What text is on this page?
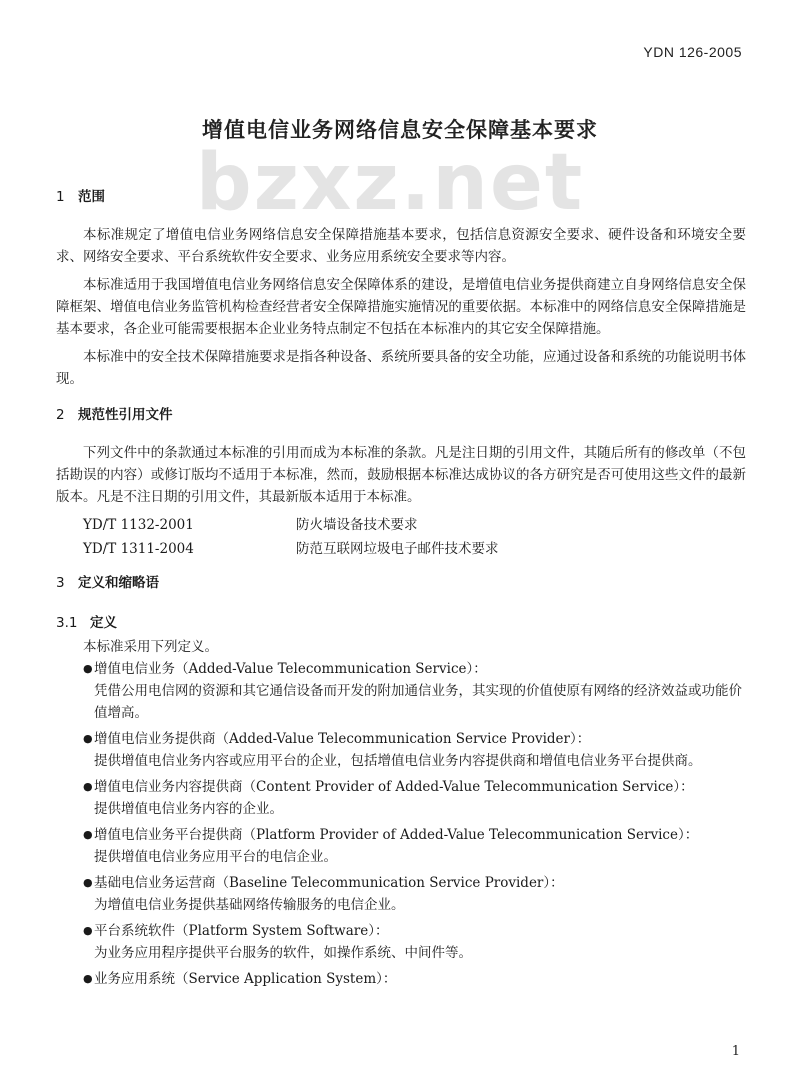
YDN 126-2005
增值电信业务网络信息安全保障基本要求
bzxz.net
1 范围

本标准规定了增值电信业务网络信息安全保障措施基本要求，包括信息资源安全要求、硬件设备和环境安全要求、网络安全要求、平台系统软件安全要求、业务应用系统安全要求等内容。

本标准适用于我国增值电信业务网络信息安全保障体系的建设，是增值电信业务提供商建立自身网络信息安全保障框架、增值电信业务监管机构检查经营者安全保障措施实施情况的重要依据。本标准中的网络信息安全保障措施是基本要求，各企业可能需要根据本企业业务特点制定不包括在本标准内的其它安全保障措施。

本标准中的安全技术保障措施要求是指各种设备、系统所要具备的安全功能，应通过设备和系统的功能说明书体现。

2 规范性引用文件

下列文件中的条款通过本标准的引用而成为本标准的条款。凡是注日期的引用文件，其随后所有的修改单（不包括勘误的内容）或修订版均不适用于本标准，然而，鼓励根据本标准达成协议的各方研究是否可使用这些文件的最新版本。凡是不注日期的引用文件，其最新版本适用于本标准。

YD/T 1132-2001	防火墙设备技术要求
YD/T 1311-2004	防范互联网垃圾电子邮件技术要求
3 定义和缩略语
3.1 定义

本标准采用下列定义。

● 增值电信业务（Added-Value Telecommunication Service）：
凭借公用电信网的资源和其它通信设备而开发的附加通信业务，其实现的价值使原有网络的经济效益或功能价值增高。
● 增值电信业务提供商（Added-Value Telecommunication Service Provider）：
提供增值电信业务内容或应用平台的企业，包括增值电信业务内容提供商和增值电信业务平台提供商。
● 增值电信业务内容提供商（Content Provider of Added-Value Telecommunication Service）：
提供增值电信业务内容的企业。
● 增值电信业务平台提供商（Platform Provider of Added-Value Telecommunication Service）：
提供增值电信业务应用平台的电信企业。
● 基础电信业务运营商（Baseline Telecommunication Service Provider）：
为增值电信业务提供基础网络传输服务的电信企业。
● 平台系统软件（Platform System Software）：
为业务应用程序提供平台服务的软件，如操作系统、中间件等。
● 业务应用系统（Service Application System）：
1
